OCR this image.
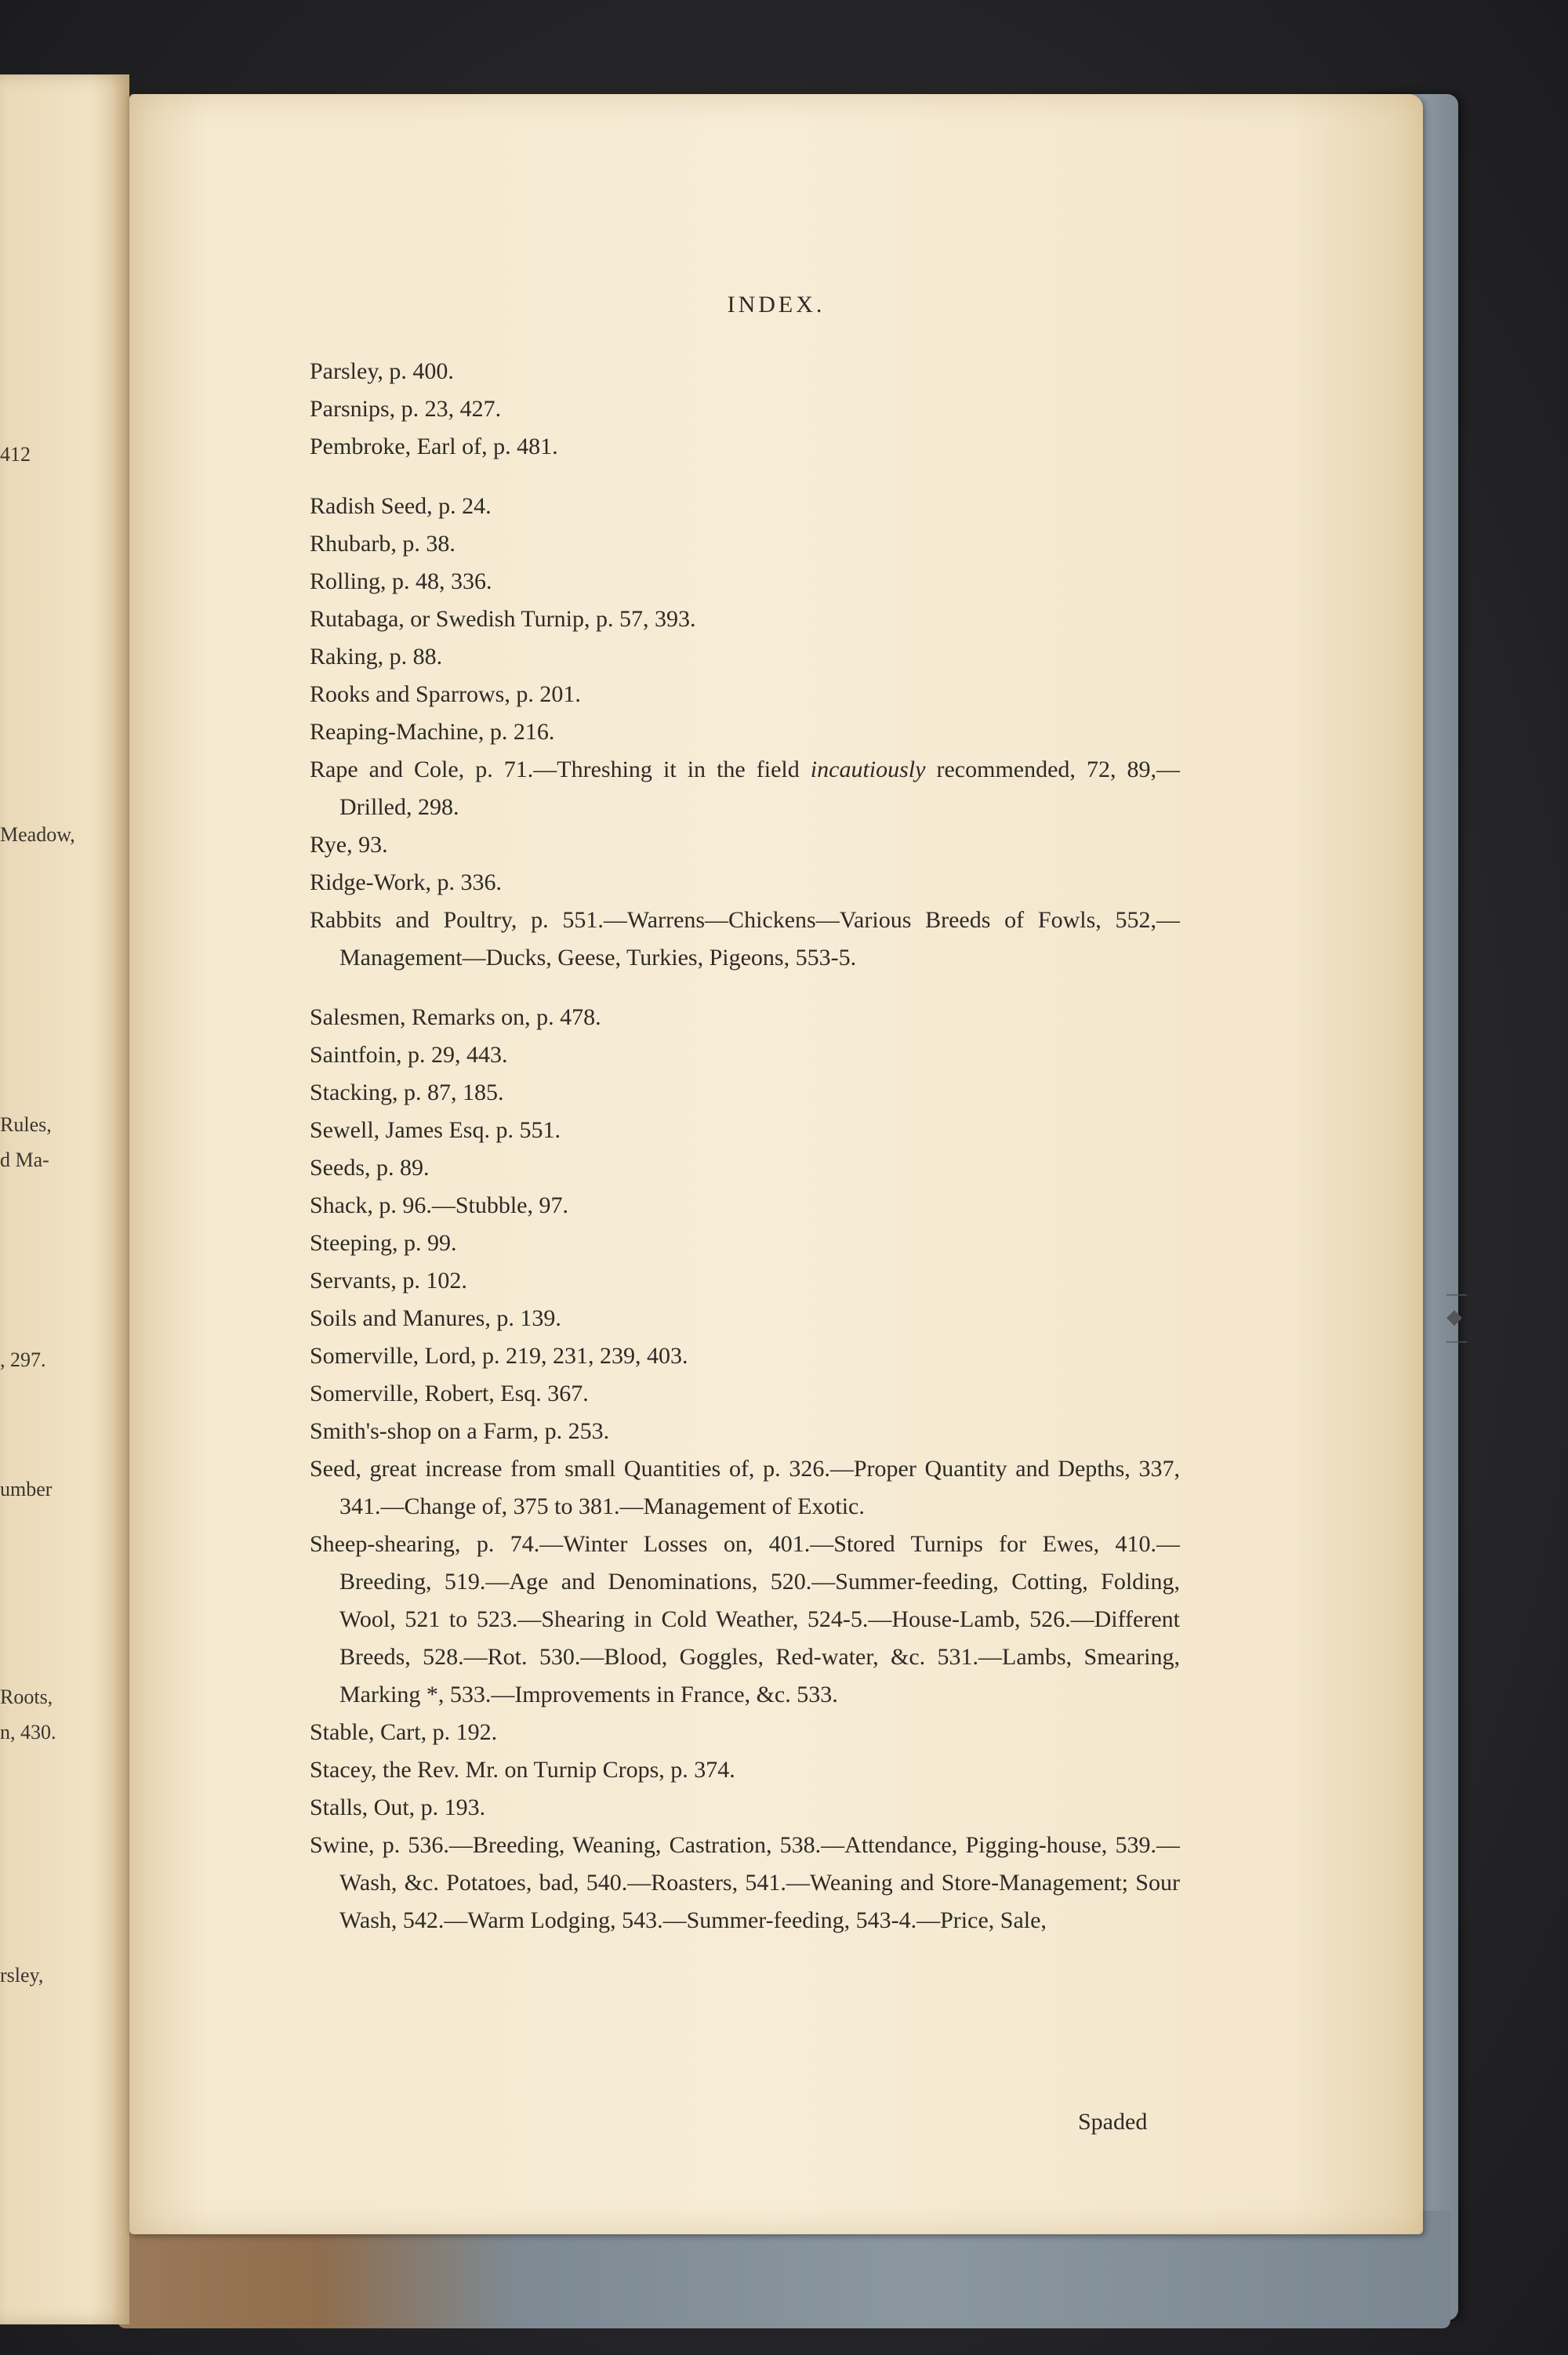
412
Meadow,
Rules,
d Ma-
, 297.
umber
Roots,
n, 430.
rsley,
INDEX.

Parsley, p. 400.

Parsnips, p. 23, 427.

Pembroke, Earl of, p. 481.

Radish Seed, p. 24.

Rhubarb, p. 38.

Rolling, p. 48, 336.

Rutabaga, or Swedish Turnip, p. 57, 393.

Raking, p. 88.

Rooks and Sparrows, p. 201.

Reaping-Machine, p. 216.

Rape and Cole, p. 71.—Threshing it in the field incautiously recommended, 72, 89,—Drilled, 298.

Rye, 93.

Ridge-Work, p. 336.

Rabbits and Poultry, p. 551.—Warrens—Chickens—Various Breeds of Fowls, 552,—Management—Ducks, Geese, Turkies, Pigeons, 553-5.

Salesmen, Remarks on, p. 478.

Saintfoin, p. 29, 443.

Stacking, p. 87, 185.

Sewell, James Esq. p. 551.

Seeds, p. 89.

Shack, p. 96.—Stubble, 97.

Steeping, p. 99.

Servants, p. 102.

Soils and Manures, p. 139.

Somerville, Lord, p. 219, 231, 239, 403.

Somerville, Robert, Esq. 367.

Smith's-shop on a Farm, p. 253.

Seed, great increase from small Quantities of, p. 326.—Proper Quantity and Depths, 337, 341.—Change of, 375 to 381.—Management of Exotic.

Sheep-shearing, p. 74.—Winter Losses on, 401.—Stored Turnips for Ewes, 410.—Breeding, 519.—Age and Denominations, 520.—Summer-feeding, Cotting, Folding, Wool, 521 to 523.—Shearing in Cold Weather, 524-5.—House-Lamb, 526.—Different Breeds, 528.—Rot. 530.—Blood, Goggles, Red-water, &c. 531.—Lambs, Smearing, Marking *, 533.—Improvements in France, &c. 533.

Stable, Cart, p. 192.

Stacey, the Rev. Mr. on Turnip Crops, p. 374.

Stalls, Out, p. 193.

Swine, p. 536.—Breeding, Weaning, Castration, 538.—Attendance, Pigging-house, 539.—Wash, &c. Potatoes, bad, 540.—Roasters, 541.—Weaning and Store-Management; Sour Wash, 542.—Warm Lodging, 543.—Summer-feeding, 543-4.—Price, Sale,

—◆—
Spaded
